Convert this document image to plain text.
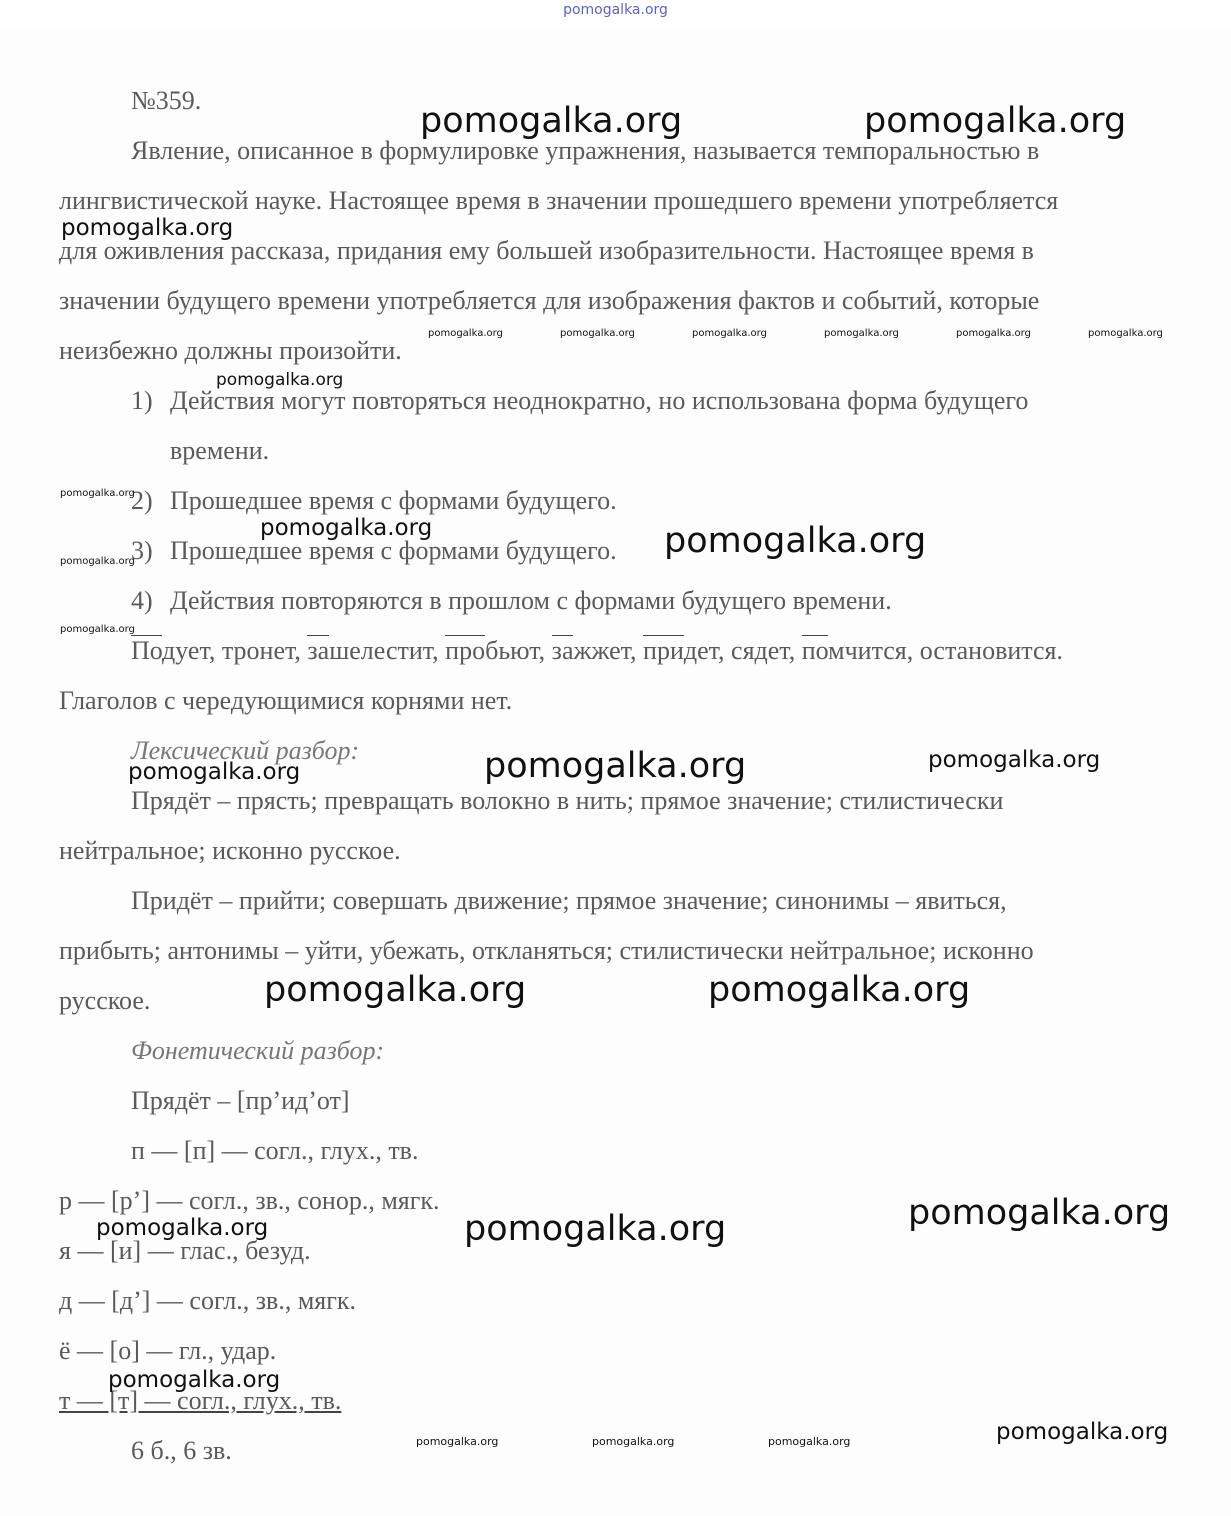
pomogalka.org
№359.
Явление, описанное в формулировке упражнения, называется темпоральностью в
лингвистической науке. Настоящее время в значении прошедшего времени употребляется
для оживления рассказа, придания ему большей изобразительности. Настоящее время в
значении будущего времени употребляется для изображения фактов и событий, которые
неизбежно должны произойти.
1) Действия могут повторяться неоднократно, но использована форма будущего
времени.
2) Прошедшее время с формами будущего.
3) Прошедшее время с формами будущего.
4) Действия повторяются в прошлом с формами будущего времени.
Подует, тронет, зашелестит, пробьют, зажжет, придет, сядет, помчится, остановится.
Глаголов с чередующимися корнями нет.
Лексический разбор:
Прядёт – прясть; превращать волокно в нить; прямое значение; стилистически
нейтральное; исконно русское.
Придёт – прийти; совершать движение; прямое значение; синонимы – явиться,
прибыть; антонимы – уйти, убежать, откланяться; стилистически нейтральное; исконно
русское.
Фонетический разбор:
Прядёт – [пр’ид’от]
п — [п] — согл., глух., тв.
р — [р’] — согл., зв., сонор., мягк.
я — [и] — глас., безуд.
д — [д’] — согл., зв., мягк.
ё — [о] — гл., удар.
т — [т] — согл., глух., тв.
6 б., 6 зв.
pomogalka.org	pomogalka.org
pomogalka.org
pomogalka.org	pomogalka.org	pomogalka.org	pomogalka.org	pomogalka.org	pomogalka.org
pomogalka.org
pomogalka.org
pomogalka.org	pomogalka.org
pomogalka.org
pomogalka.org
pomogalka.org	pomogalka.org
pomogalka.org
pomogalka.org	pomogalka.org
pomogalka.org
pomogalka.org	pomogalka.org
pomogalka.org
pomogalka.org
pomogalka.org	pomogalka.org	pomogalka.org
